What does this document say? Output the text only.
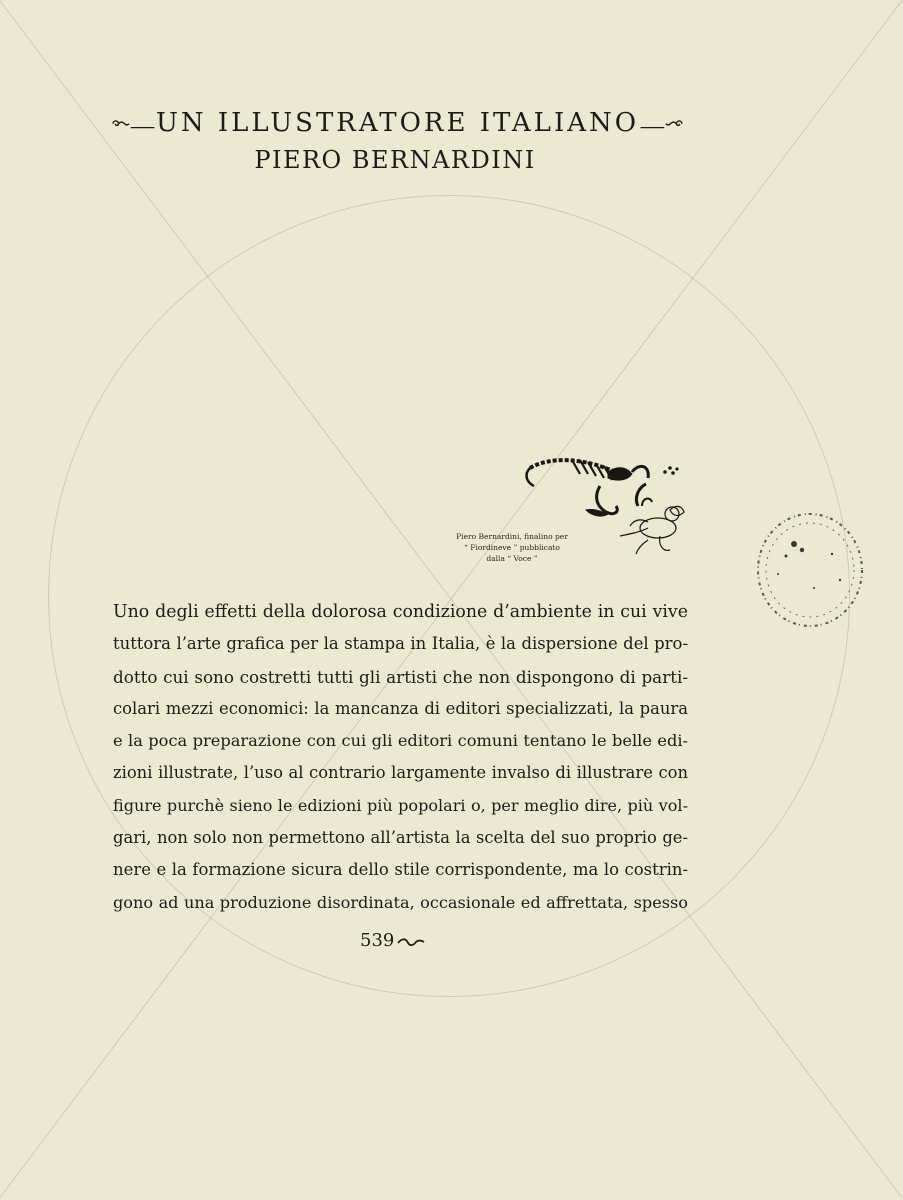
UN ILLUSTRATORE ITALIANO
PIERO BERNARDINI
Piero Bernardini, finalino per
“ Fiordineve ” pubblicato
dalla “ Voce ”
Uno degli effetti della dolorosa condizione d’ambiente in cui vive
tuttora l’arte grafica per la stampa in Italia, è la dispersione del pro-
dotto cui sono costretti tutti gli artisti che non dispongono di parti-
colari mezzi economici: la mancanza di editori specializzati, la paura
e la poca preparazione con cui gli editori comuni tentano le belle edi-
zioni illustrate, l’uso al contrario largamente invalso di illustrare con
figure purchè sieno le edizioni più popolari o, per meglio dire, più vol-
gari, non solo non permettono all’artista la scelta del suo proprio ge-
nere e la formazione sicura dello stile corrispondente, ma lo costrin-
gono ad una produzione disordinata, occasionale ed affrettata, spesso
539
